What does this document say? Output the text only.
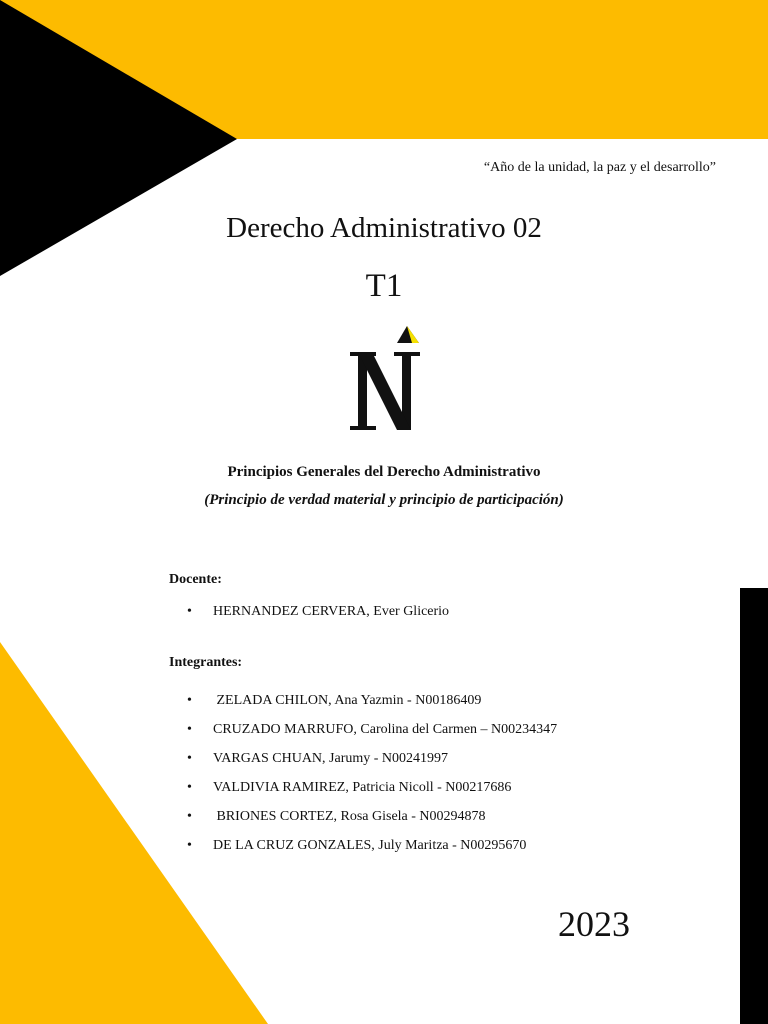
“Año de la unidad, la paz y el desarrollo”
Derecho Administrativo 02
T1
Principios Generales del Derecho Administrativo
(Principio de verdad material y principio de participación)
Docente:
• HERNANDEZ CERVERA, Ever Glicerio
Integrantes:
•  ZELADA CHILON, Ana Yazmin - N00186409
• CRUZADO MARRUFO, Carolina del Carmen – N00234347
• VARGAS CHUAN, Jarumy - N00241997
• VALDIVIA RAMIREZ, Patricia Nicoll - N00217686
•  BRIONES CORTEZ, Rosa Gisela - N00294878
• DE LA CRUZ GONZALES, July Maritza - N00295670
2023
